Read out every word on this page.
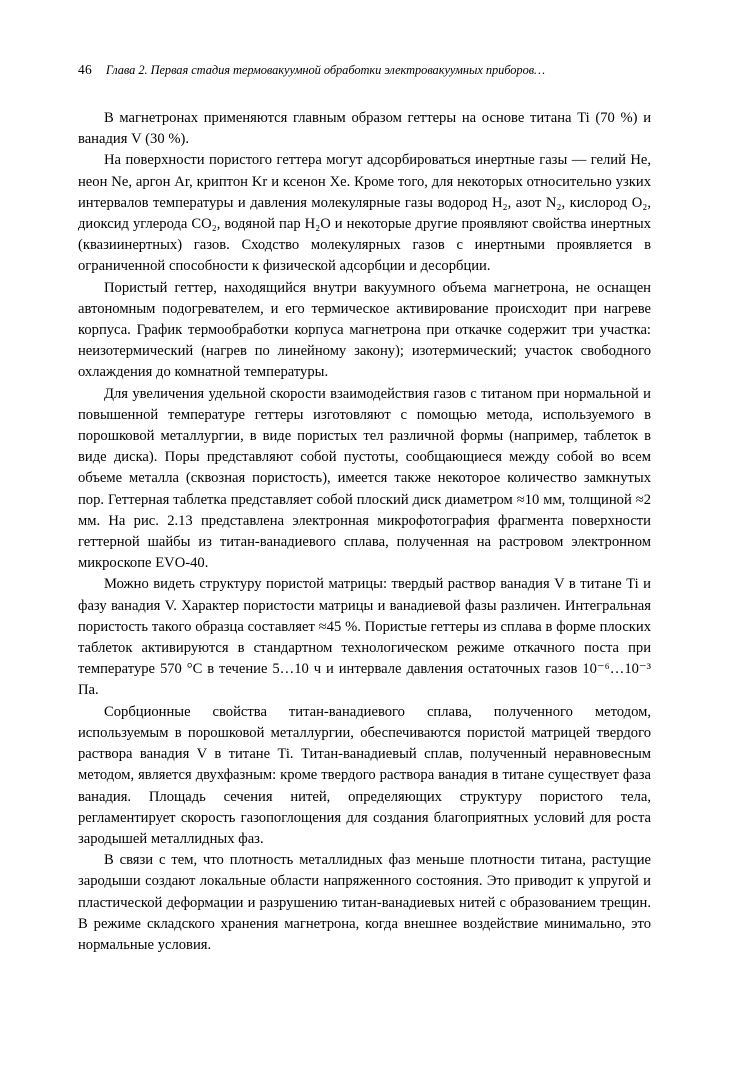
46 Глава 2. Первая стадия термовакуумной обработки электровакуумных приборов…

В магнетронах применяются главным образом геттеры на основе титана Ti (70 %) и ванадия V (30 %).

На поверхности пористого геттера могут адсорбироваться инертные газы — гелий He, неон Ne, аргон Ar, криптон Kr и ксенон Xe. Кроме того, для некоторых относительно узких интервалов температуры и давления молекулярные газы водород H₂, азот N₂, кислород O₂, диоксид углерода CO₂, водяной пар H₂O и некоторые другие проявляют свойства инертных (квазиинертных) газов. Сходство молекулярных газов с инертными проявляется в ограниченной способности к физической адсорбции и десорбции.

Пористый геттер, находящийся внутри вакуумного объема магнетрона, не оснащен автономным подогревателем, и его термическое активирование происходит при нагреве корпуса. График термообработки корпуса магнетрона при откачке содержит три участка: неизотермический (нагрев по линейному закону); изотермический; участок свободного охлаждения до комнатной температуры.

Для увеличения удельной скорости взаимодействия газов с титаном при нормальной и повышенной температуре геттеры изготовляют с помощью метода, используемого в порошковой металлургии, в виде пористых тел различной формы (например, таблеток в виде диска). Поры представляют собой пустоты, сообщающиеся между собой во всем объеме металла (сквозная пористость), имеется также некоторое количество замкнутых пор. Геттерная таблетка представляет собой плоский диск диаметром ≈10 мм, толщиной ≈2 мм. На рис. 2.13 представлена электронная микрофотография фрагмента поверхности геттерной шайбы из титан-ванадиевого сплава, полученная на растровом электронном микроскопе EVO-40.

Можно видеть структуру пористой матрицы: твердый раствор ванадия V в титане Ti и фазу ванадия V. Характер пористости матрицы и ванадиевой фазы различен. Интегральная пористость такого образца составляет ≈45 %. Пористые геттеры из сплава в форме плоских таблеток активируются в стандартном технологическом режиме откачного поста при температуре 570 °C в течение 5…10 ч и интервале давления остаточных газов 10⁻⁶…10⁻³ Па.

Сорбционные свойства титан-ванадиевого сплава, полученного методом, используемым в порошковой металлургии, обеспечиваются пористой матрицей твердого раствора ванадия V в титане Ti. Титан-ванадиевый сплав, полученный неравновесным методом, является двухфазным: кроме твердого раствора ванадия в титане существует фаза ванадия. Площадь сечения нитей, определяющих структуру пористого тела, регламентирует скорость газопоглощения для создания благоприятных условий для роста зародышей металлидных фаз.

В связи с тем, что плотность металлидных фаз меньше плотности титана, растущие зародыши создают локальные области напряженного состояния. Это приводит к упругой и пластической деформации и разрушению титан-ванадиевых нитей с образованием трещин. В режиме складского хранения магнетрона, когда внешнее воздействие минимально, это нормальные условия.
